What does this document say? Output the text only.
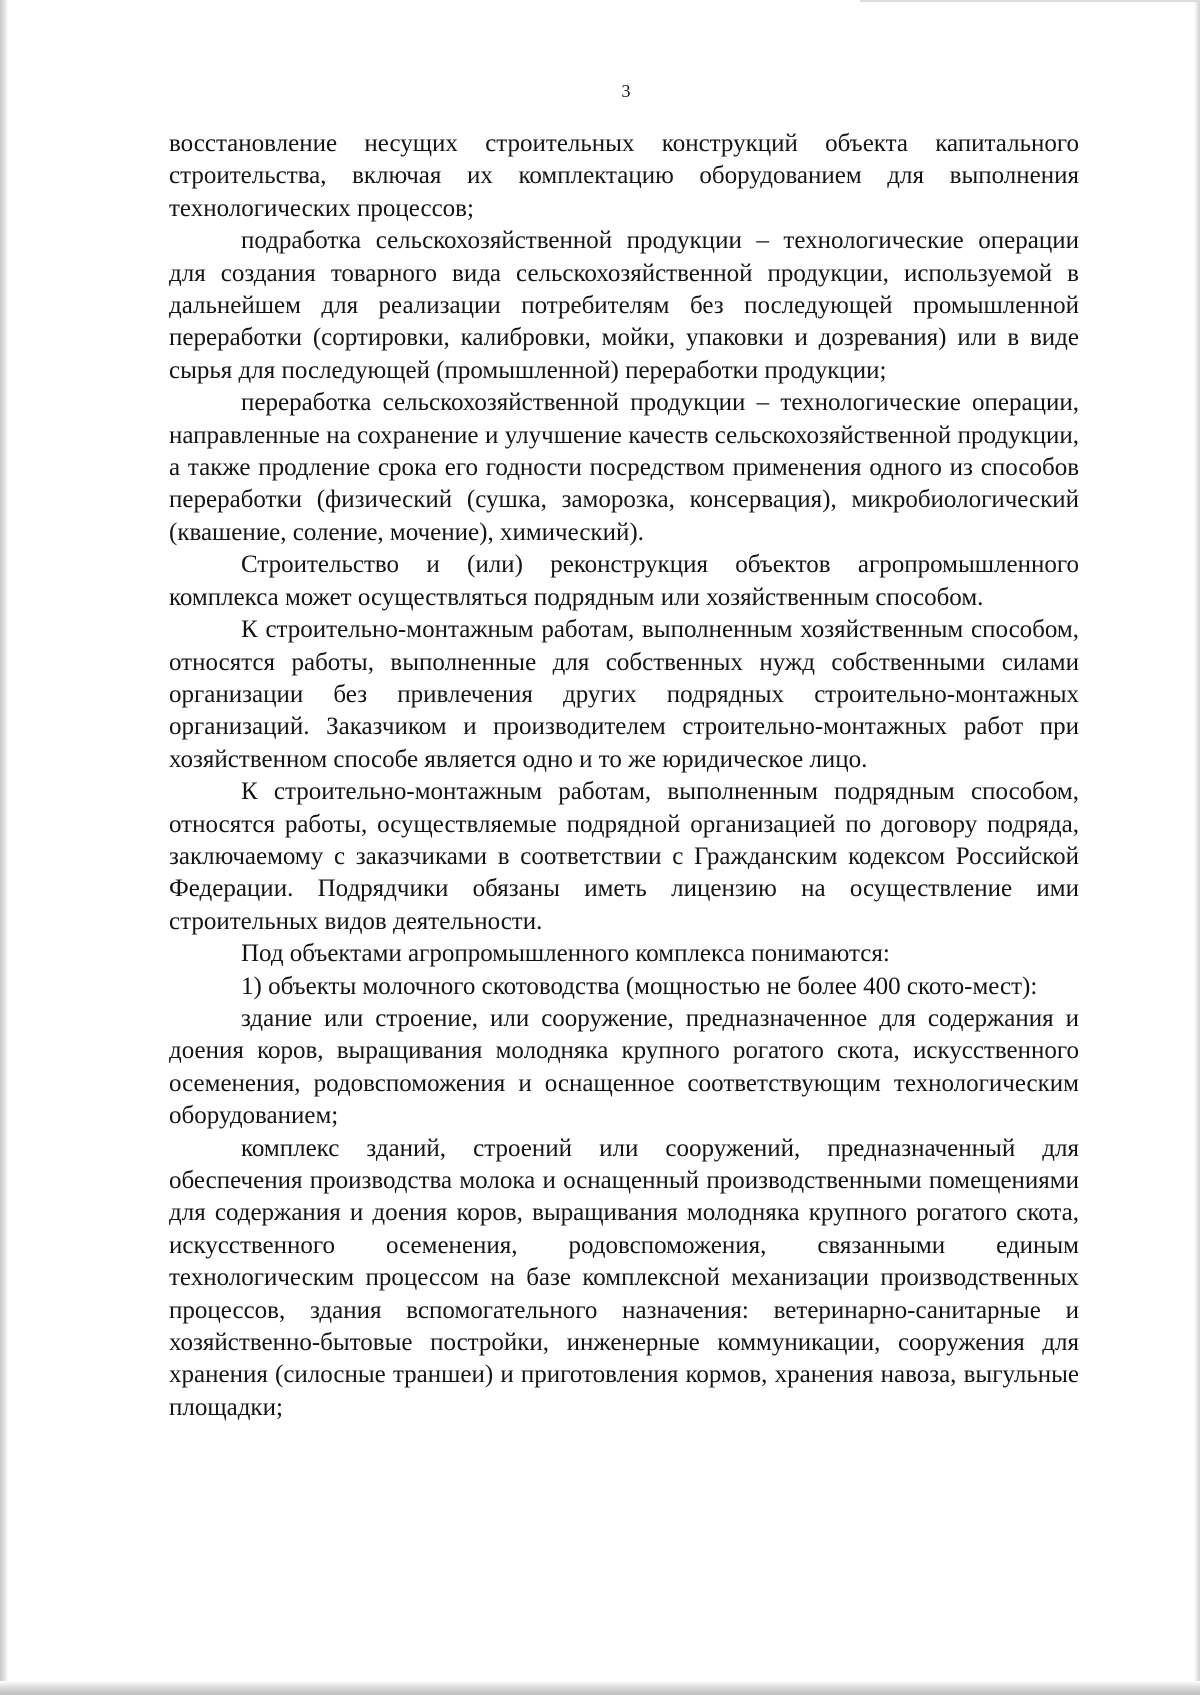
3

восстановление несущих строительных конструкций объекта капитального строительства, включая их комплектацию оборудованием для выполнения технологических процессов;

подработка сельскохозяйственной продукции – технологические операции для создания товарного вида сельскохозяйственной продукции, используемой в дальнейшем для реализации потребителям без последующей промышленной переработки (сортировки, калибровки, мойки, упаковки и дозревания) или в виде сырья для последующей (промышленной) переработки продукции;

переработка сельскохозяйственной продукции – технологические операции, направленные на сохранение и улучшение качеств сельскохозяйственной продукции, а также продление срока его годности посредством применения одного из способов переработки (физический (сушка, заморозка, консервация), микробиологический (квашение, соление, мочение), химический).

Строительство и (или) реконструкция объектов агропромышленного комплекса может осуществляться подрядным или хозяйственным способом.

К строительно-монтажным работам, выполненным хозяйственным способом, относятся работы, выполненные для собственных нужд собственными силами организации без привлечения других подрядных строительно-монтажных организаций. Заказчиком и производителем строительно-монтажных работ при хозяйственном способе является одно и то же юридическое лицо.

К строительно-монтажным работам, выполненным подрядным способом, относятся работы, осуществляемые подрядной организацией по договору подряда, заключаемому с заказчиками в соответствии с Гражданским кодексом Российской Федерации. Подрядчики обязаны иметь лицензию на осуществление ими строительных видов деятельности.

Под объектами агропромышленного комплекса понимаются:

1) объекты молочного скотоводства (мощностью не более 400 ското-мест):

здание или строение, или сооружение, предназначенное для содержания и доения коров, выращивания молодняка крупного рогатого скота, искусственного осеменения, родовспоможения и оснащенное соответствующим технологическим оборудованием;

комплекс зданий, строений или сооружений, предназначенный для обеспечения производства молока и оснащенный производственными помещениями для содержания и доения коров, выращивания молодняка крупного рогатого скота, искусственного осеменения, родовспоможения, связанными единым технологическим процессом на базе комплексной механизации производственных процессов, здания вспомогательного назначения: ветеринарно-санитарные и хозяйственно-бытовые постройки, инженерные коммуникации, сооружения для хранения (силосные траншеи) и приготовления кормов, хранения навоза, выгульные площадки;
